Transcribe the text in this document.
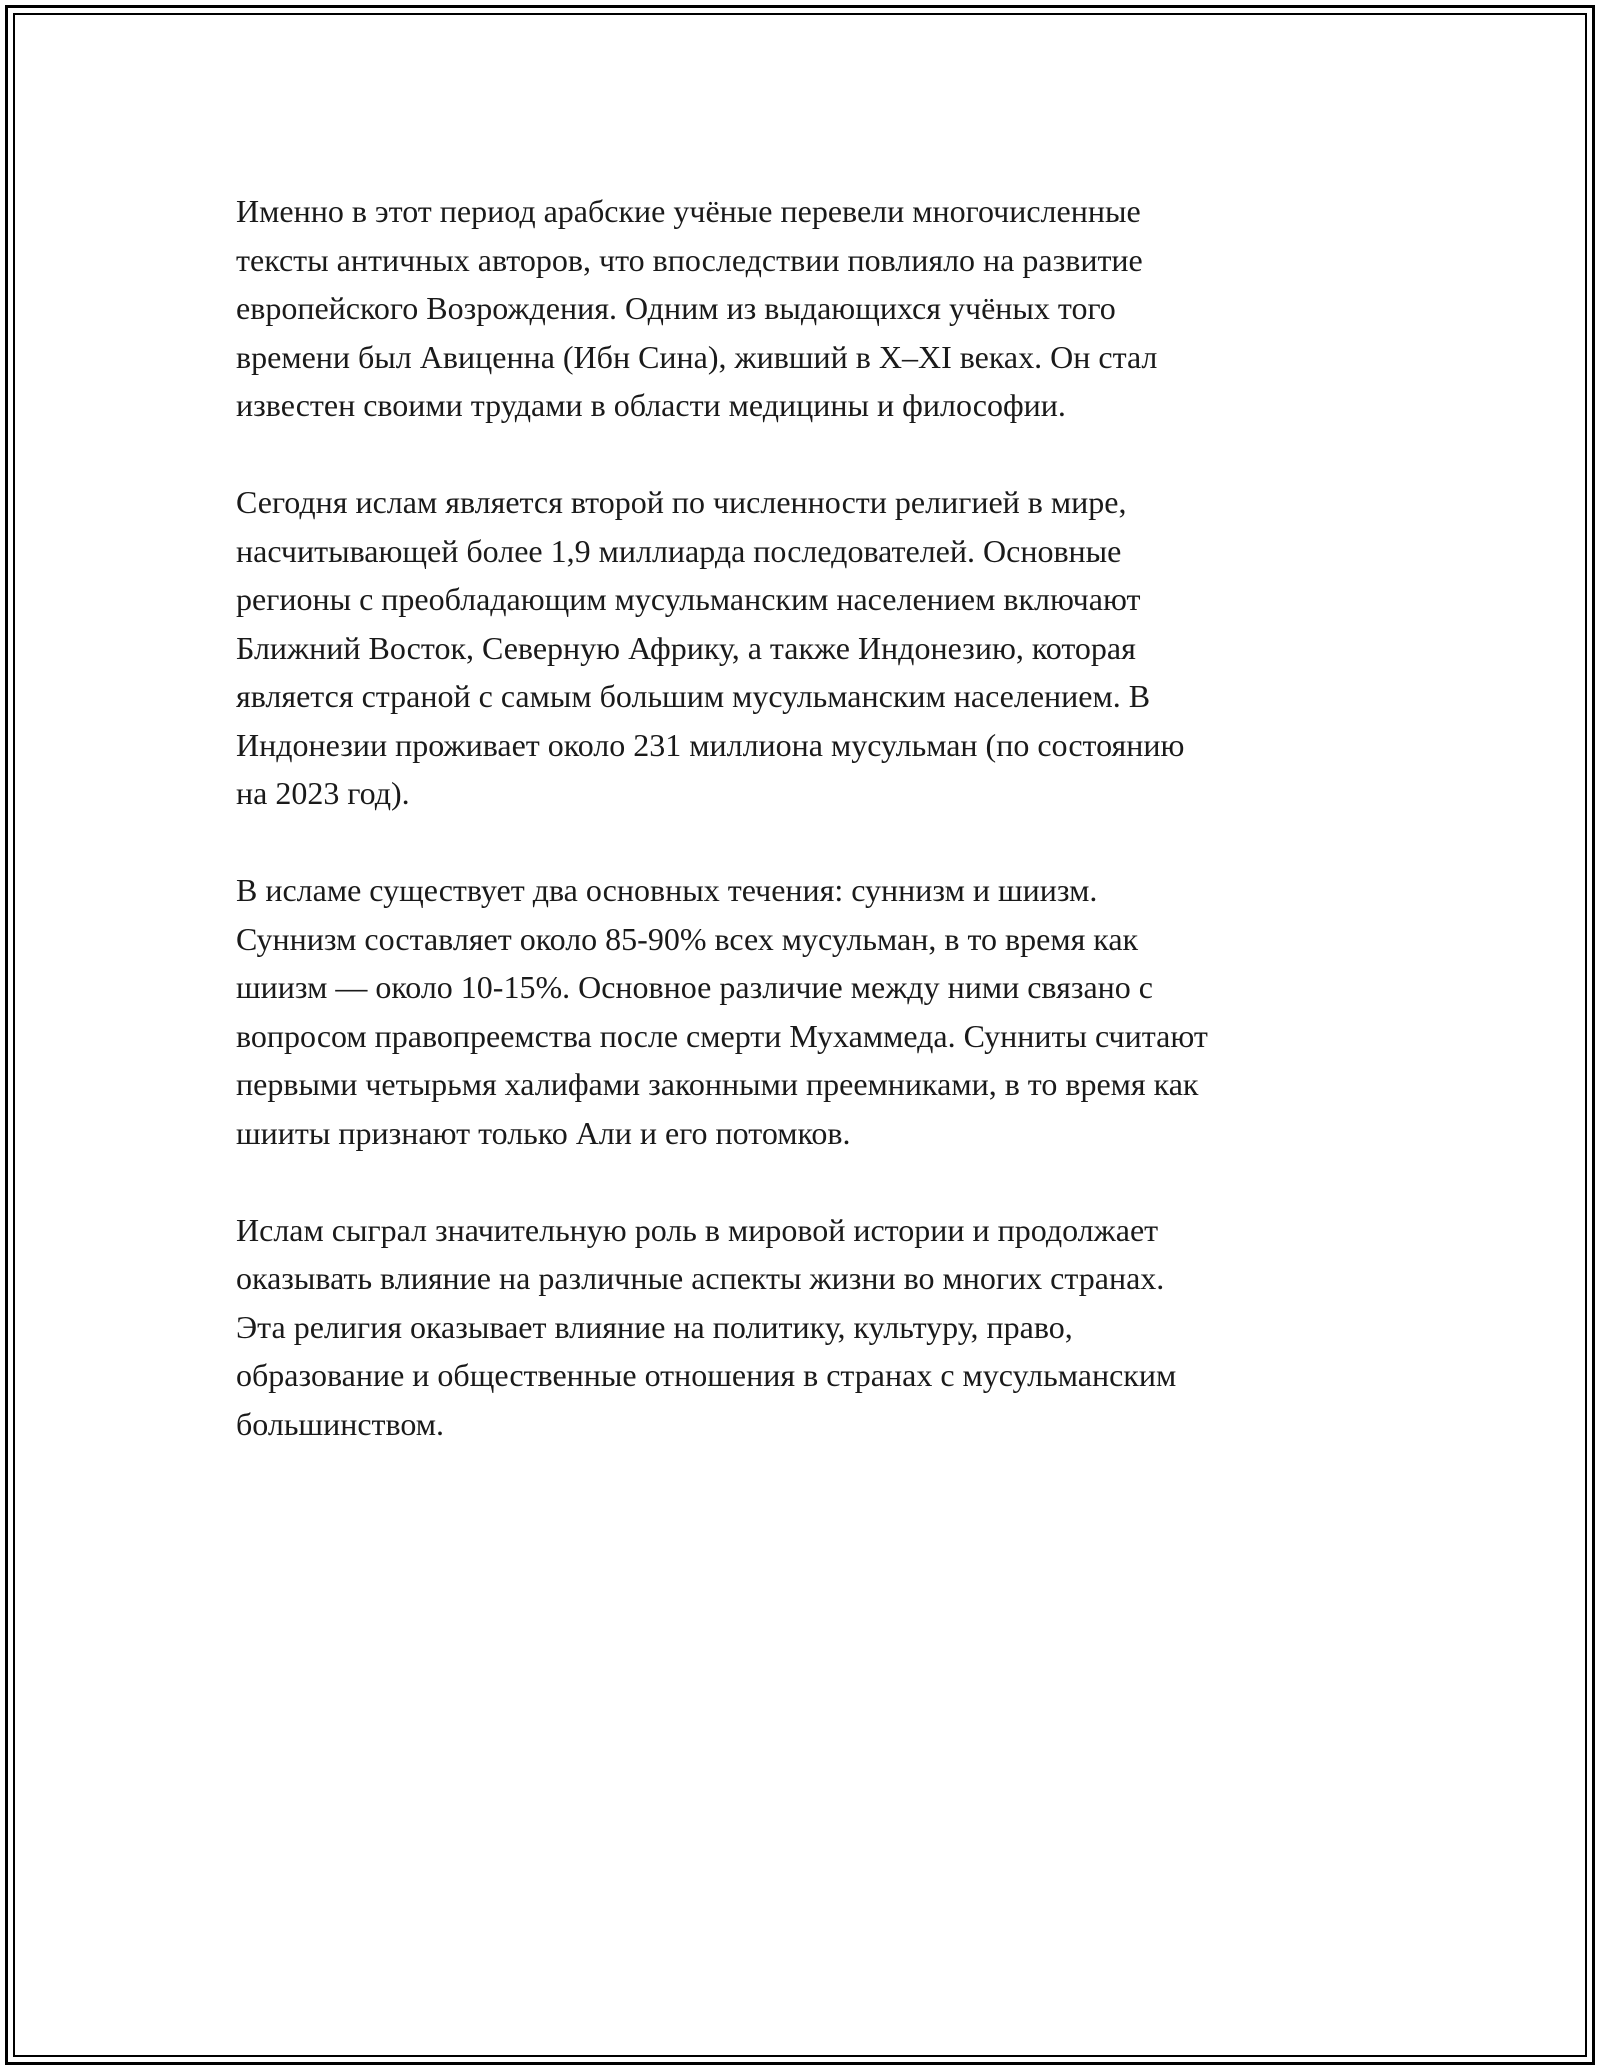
Именно в этот период арабские учёные перевели многочисленные
тексты античных авторов, что впоследствии повлияло на развитие
европейского Возрождения. Одним из выдающихся учёных того
времени был Авиценна (Ибн Сина), живший в X–XI веках. Он стал
известен своими трудами в области медицины и философии.

Сегодня ислам является второй по численности религией в мире,
насчитывающей более 1,9 миллиарда последователей. Основные
регионы с преобладающим мусульманским населением включают
Ближний Восток, Северную Африку, а также Индонезию, которая
является страной с самым большим мусульманским населением. В
Индонезии проживает около 231 миллиона мусульман (по состоянию
на 2023 год).

В исламе существует два основных течения: суннизм и шиизм.
Суннизм составляет около 85-90% всех мусульман, в то время как
шиизм — около 10-15%. Основное различие между ними связано с
вопросом правопреемства после смерти Мухаммеда. Сунниты считают
первыми четырьмя халифами законными преемниками, в то время как
шииты признают только Али и его потомков.

Ислам сыграл значительную роль в мировой истории и продолжает
оказывать влияние на различные аспекты жизни во многих странах.
Эта религия оказывает влияние на политику, культуру, право,
образование и общественные отношения в странах с мусульманским
большинством.
